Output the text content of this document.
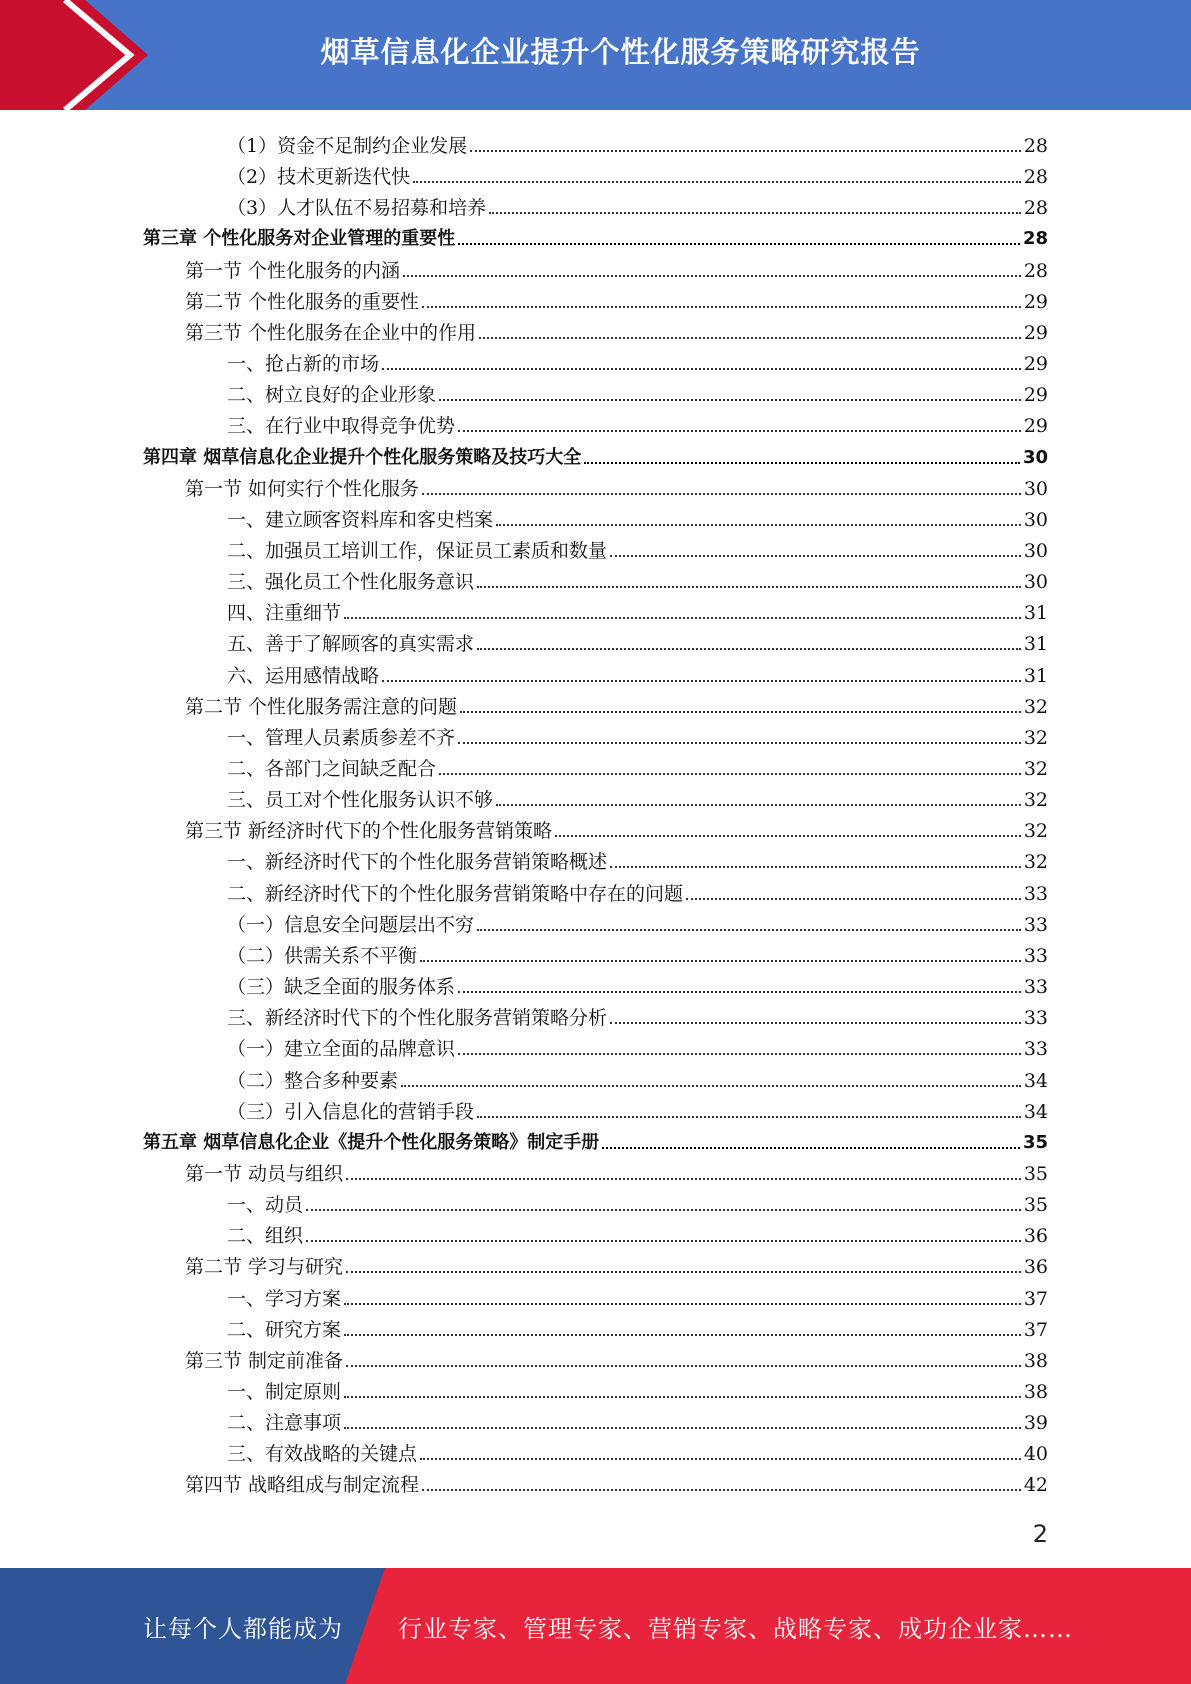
烟草信息化企业提升个性化服务策略研究报告
（1）资金不足制约企业发展	28
（2）技术更新迭代快	28
（3）人才队伍不易招募和培养	28
第三章 个性化服务对企业管理的重要性	28
第一节 个性化服务的内涵	28
第二节 个性化服务的重要性	29
第三节 个性化服务在企业中的作用	29
一、抢占新的市场	29
二、树立良好的企业形象	29
三、在行业中取得竞争优势	29
第四章 烟草信息化企业提升个性化服务策略及技巧大全	30
第一节 如何实行个性化服务	30
一、建立顾客资料库和客史档案	30
二、加强员工培训工作，保证员工素质和数量	30
三、强化员工个性化服务意识	30
四、注重细节	31
五、善于了解顾客的真实需求	31
六、运用感情战略	31
第二节 个性化服务需注意的问题	32
一、管理人员素质参差不齐	32
二、各部门之间缺乏配合	32
三、员工对个性化服务认识不够	32
第三节 新经济时代下的个性化服务营销策略	32
一、新经济时代下的个性化服务营销策略概述	32
二、新经济时代下的个性化服务营销策略中存在的问题	33
（一）信息安全问题层出不穷	33
（二）供需关系不平衡	33
（三）缺乏全面的服务体系	33
三、新经济时代下的个性化服务营销策略分析	33
（一）建立全面的品牌意识	33
（二）整合多种要素	34
（三）引入信息化的营销手段	34
第五章 烟草信息化企业《提升个性化服务策略》制定手册	35
第一节 动员与组织	35
一、动员	35
二、组织	36
第二节 学习与研究	36
一、学习方案	37
二、研究方案	37
第三节 制定前准备	38
一、制定原则	38
二、注意事项	39
三、有效战略的关键点	40
第四节 战略组成与制定流程	42
2
让每个人都能成为 行业专家、管理专家、营销专家、战略专家、成功企业家……
